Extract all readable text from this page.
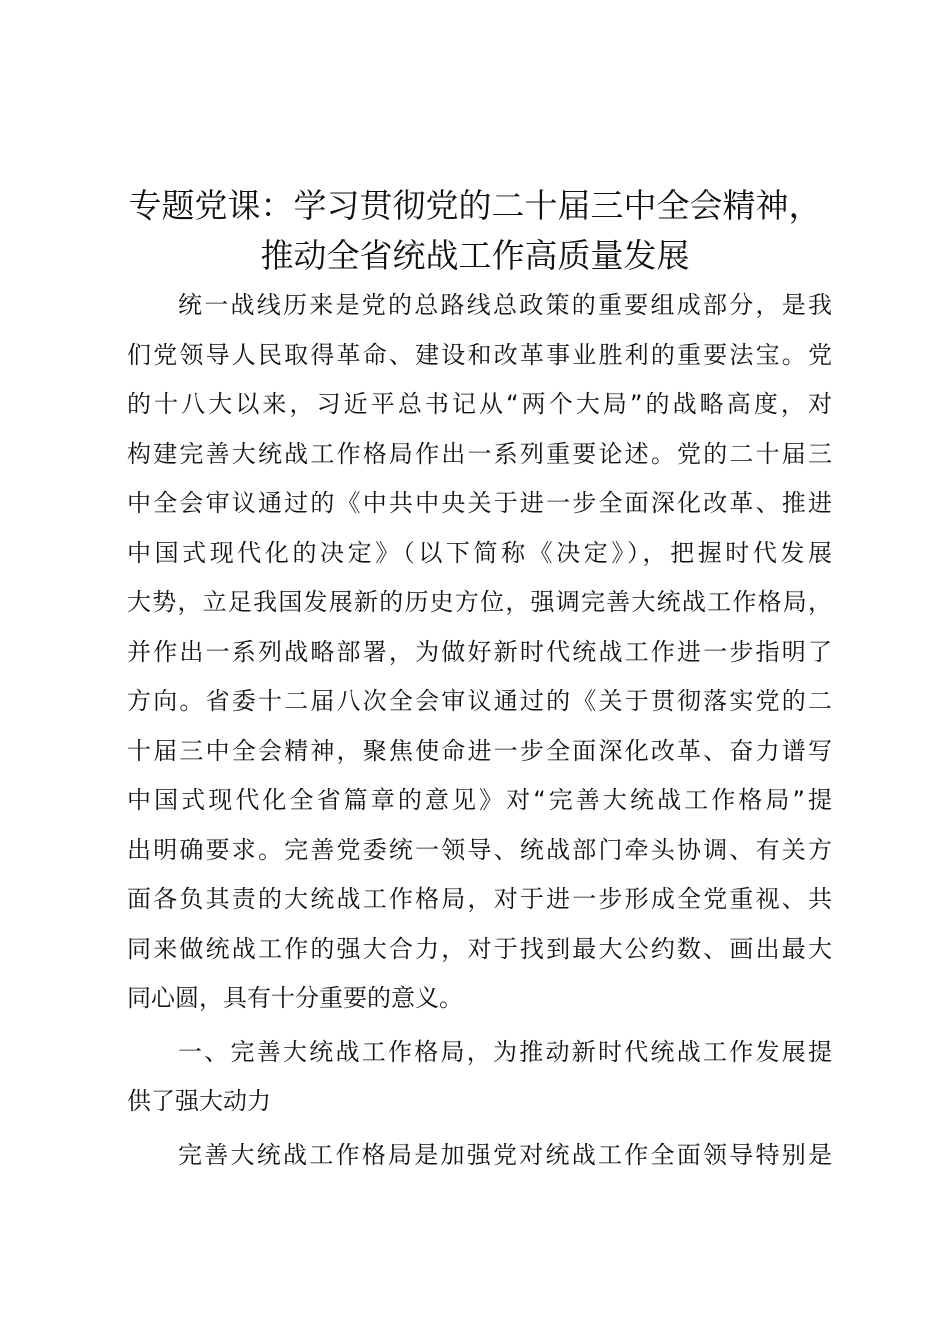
专题党课：学习贯彻党的二十届三中全会精神，
推动全省统战工作高质量发展
统一战线历来是党的总路线总政策的重要组成部分，是我
们党领导人民取得革命、建设和改革事业胜利的重要法宝。党
的十八大以来，习近平总书记从“两个大局”的战略高度，对
构建完善大统战工作格局作出一系列重要论述。党的二十届三
中全会审议通过的《中共中央关于进一步全面深化改革、推进
中国式现代化的决定》（以下简称《决定》），把握时代发展
大势，立足我国发展新的历史方位，强调完善大统战工作格局，
并作出一系列战略部署，为做好新时代统战工作进一步指明了
方向。省委十二届八次全会审议通过的《关于贯彻落实党的二
十届三中全会精神，聚焦使命进一步全面深化改革、奋力谱写
中国式现代化全省篇章的意见》对“完善大统战工作格局”提
出明确要求。完善党委统一领导、统战部门牵头协调、有关方
面各负其责的大统战工作格局，对于进一步形成全党重视、共
同来做统战工作的强大合力，对于找到最大公约数、画出最大
同心圆，具有十分重要的意义。
一、完善大统战工作格局，为推动新时代统战工作发展提
供了强大动力
完善大统战工作格局是加强党对统战工作全面领导特别是
